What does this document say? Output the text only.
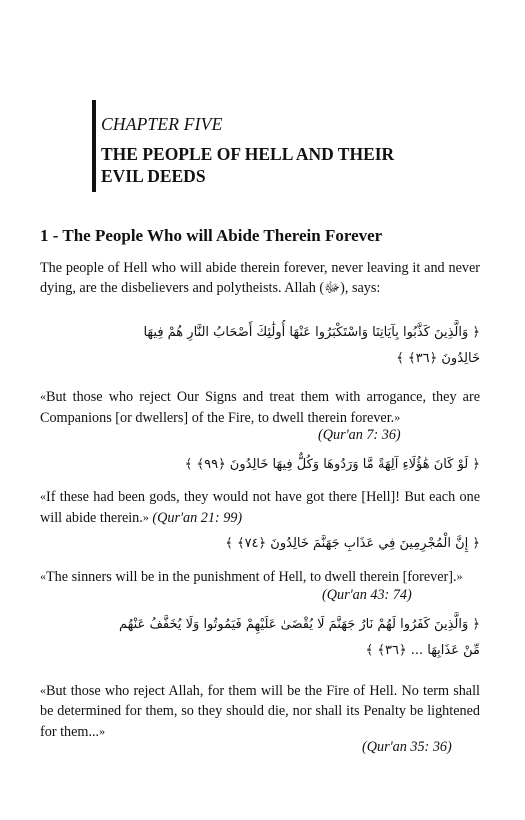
CHAPTER FIVE
THE PEOPLE OF HELL AND THEIR EVIL DEEDS
1 - The People Who will Abide Therein Forever
The people of Hell who will abide therein forever, never leaving it and never dying, are the disbelievers and polytheists. Allah (ﷻ), says:
﴿ وَالَّذِينَ كَذَّبُوا بِآيَاتِنَا وَاسْتَكْبَرُوا عَنْهَا أُولَٰئِكَ أَصْحَابُ النَّارِ هُمْ فِيهَا
خَالِدُونَ ﴿٣٦﴾ ﴾
«But those who reject Our Signs and treat them with arrogance, they are Companions [or dwellers] of the Fire, to dwell therein forever.»
(Qur'an 7: 36)
﴿ لَوْ كَانَ هَٰؤُلَاءِ آلِهَةً مَّا وَرَدُوهَا وَكُلٌّ فِيهَا خَالِدُونَ ﴿٩٩﴾ ﴾
«If these had been gods, they would not have got there [Hell]! But each one will abide therein.» (Qur'an 21: 99)
﴿ إِنَّ الْمُجْرِمِينَ فِي عَذَابِ جَهَنَّمَ خَالِدُونَ ﴿٧٤﴾ ﴾
«The sinners will be in the punishment of Hell, to dwell therein [forever].»
(Qur'an 43: 74)
﴿ وَالَّذِينَ كَفَرُوا لَهُمْ نَارُ جَهَنَّمَ لَا يُقْضَىٰ عَلَيْهِمْ فَيَمُوتُوا وَلَا يُخَفَّفُ عَنْهُم
مِّنْ عَذَابِهَا ... ﴿٣٦﴾ ﴾
«But those who reject Allah, for them will be the Fire of Hell. No term shall be determined for them, so they should die, nor shall its Penalty be lightened for them...»
(Qur'an 35: 36)
